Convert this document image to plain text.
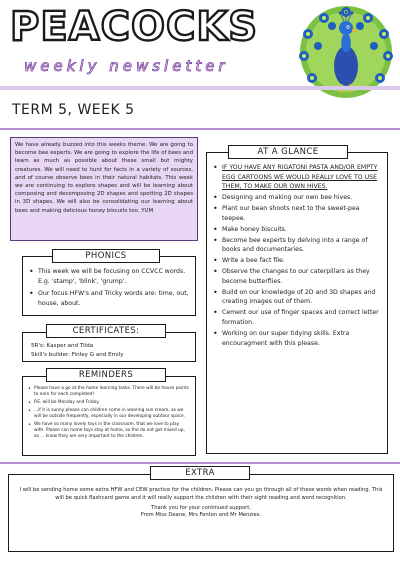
PEACOCKS
weekly newsletter
TERM 5, WEEK 5
We have already buzzed into this weeks theme. We are going to become bee experts. We are going to explore the life of bees and learn as much as possible about these small but mighty creatures. We will need to hunt for facts in a variety of sources, and of course observe bees in their natural habitats. This week we are continuing to explore shapes and will be learning about composing and decomposing 2D shapes and spotting 2D shapes in 3D shapes. We will also be consolidating our learning about bees and making delicious honey biscuits too. YUM
• This week we will be focusing on CCVCC words. E.g. 'stamp', 'blink', 'grump'.
• Our focus HFW's and Tricky words are: time, out, house, about.
PHONICS
5R's: Kasper and Tilda
Skill's builder: Finley G and Emily
CERTIFICATES:
• Please have a go at the home learning tasks. There will be house points to earn for each completed!
• P.E. will be Monday and Friday.
• ...if it is sunny please can children come in wearing sun cream, as we will be outside frequently, especially in our developing outdoor space.
• We have so many lovely toys in the classroom, that we love to play with. Please can home toys stay at home, so the do not get mixed up, as ... know they are very important to the children.
REMINDERS
• IF YOU HAVE ANY RIGATONI PASTA AND/OR EMPTY EGG CARTOONS WE WOULD REALLY LOVE TO USE THEM, TO MAKE OUR OWN HIVES.
• Designing and making our own bee hives.
• Plant our bean shoots next to the sweet-pea teepee.
• Make honey biscuits.
• Become bee experts by delving into a range of books and documentaries.
• Write a bee fact file.
• Observe the changes to our caterpillars as they become butterflies.
• Build on our knowledge of 2D and 3D shapes and creating images out of them.
• Cement our use of finger spaces and correct letter formation.
• Working on our super tidying skills. Extra encouragment with this please.
AT A GLANCE
I will be sending home some extra HFW and CEW practice for the children. Please can you go through all of these words when reading. This will be quick flashcard game and it will really support the children with their sight reading and word recognition.
Thank you for your continued support.
From Miss Deane, Mrs Fenton and Mr Menzies.
EXTRA
